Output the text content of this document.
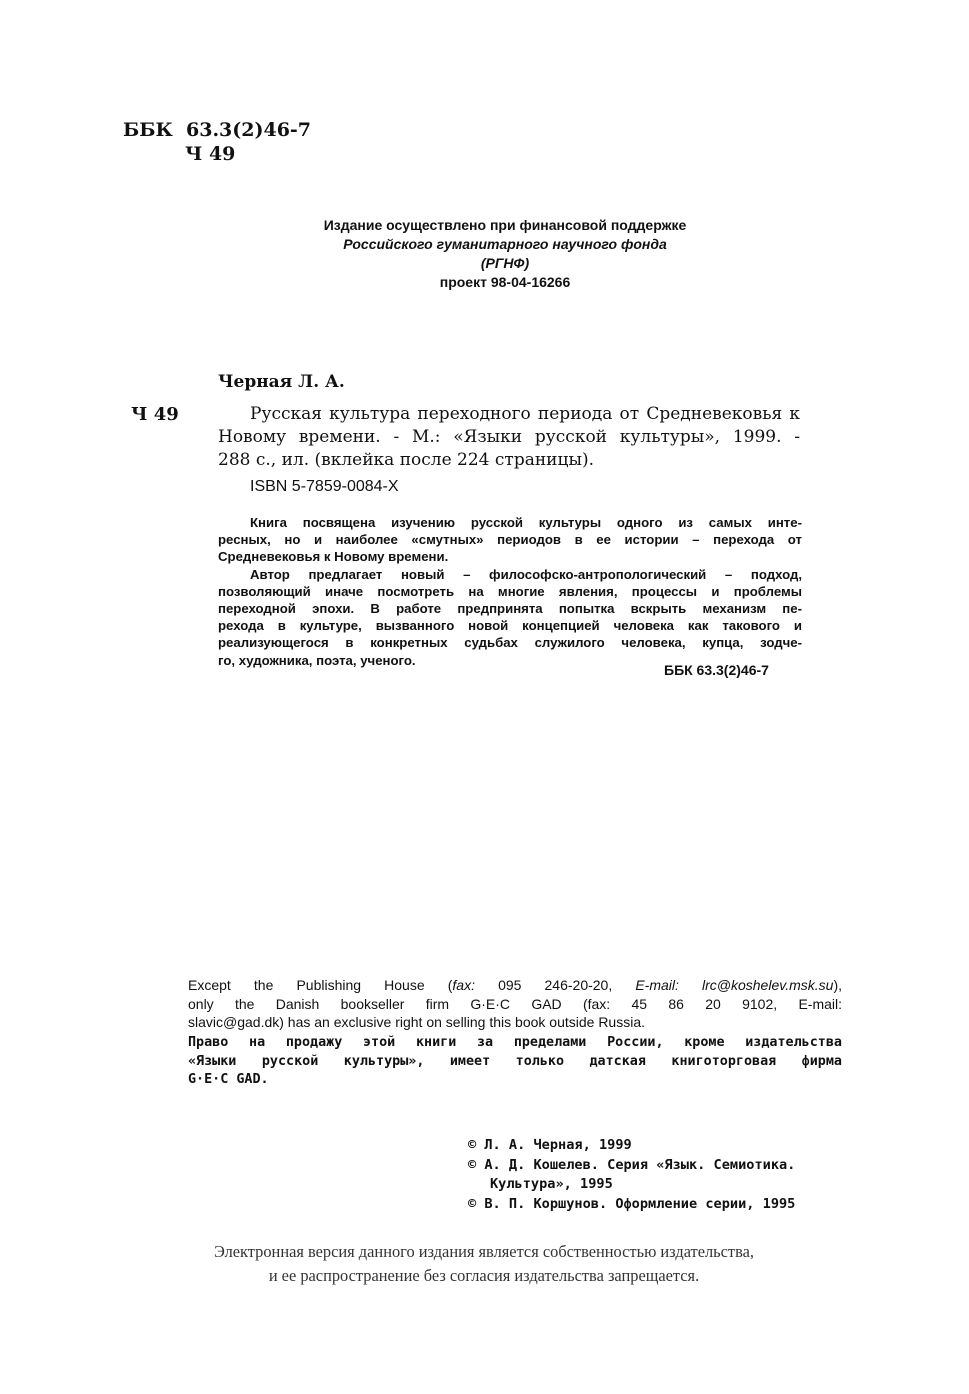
ББК 63.3(2)46-7
Ч 49
Издание осуществлено при финансовой поддержке
Российского гуманитарного научного фонда
(РГНФ)
проект 98-04-16266
Черная Л. А.
Ч 49	Русская культура переходного периода от Средневековья к
Новому времени. - М.: «Языки русской культуры», 1999. -
288 с., ил. (вклейка после 224 страницы).
ISBN 5-7859-0084-X
Книга посвящена изучению русской культуры одного из самых инте-
ресных, но и наиболее «смутных» периодов в ее истории – перехода от
Средневековья к Новому времени.
Автор предлагает новый – философско-антропологический – подход,
позволяющий иначе посмотреть на многие явления, процессы и проблемы
переходной эпохи. В работе предпринята попытка вскрыть механизм пе-
рехода в культуре, вызванного новой концепцией человека как такового и
реализующегося в конкретных судьбах служилого человека, купца, зодче-
го, художника, поэта, ученого.
ББК 63.3(2)46-7
Except the Publishing House (fax: 095 246-20-20, E-mail: lrc@koshelev.msk.su),
only the Danish bookseller firm G·E·C GAD (fax: 45 86 20 9102, E-mail:
slavic@gad.dk) has an exclusive right on selling this book outside Russia.
Право на продажу этой книги за пределами России, кроме издательства
«Языки русской культуры», имеет только датская книготорговая фирма
G·E·C GAD.
© Л. А. Черная, 1999
© А. Д. Кошелев. Серия «Язык. Семиотика.
Культура», 1995
© В. П. Коршунов. Оформление серии, 1995
Электронная версия данного издания является собственностью издательства,
и ее распространение без согласия издательства запрещается.
